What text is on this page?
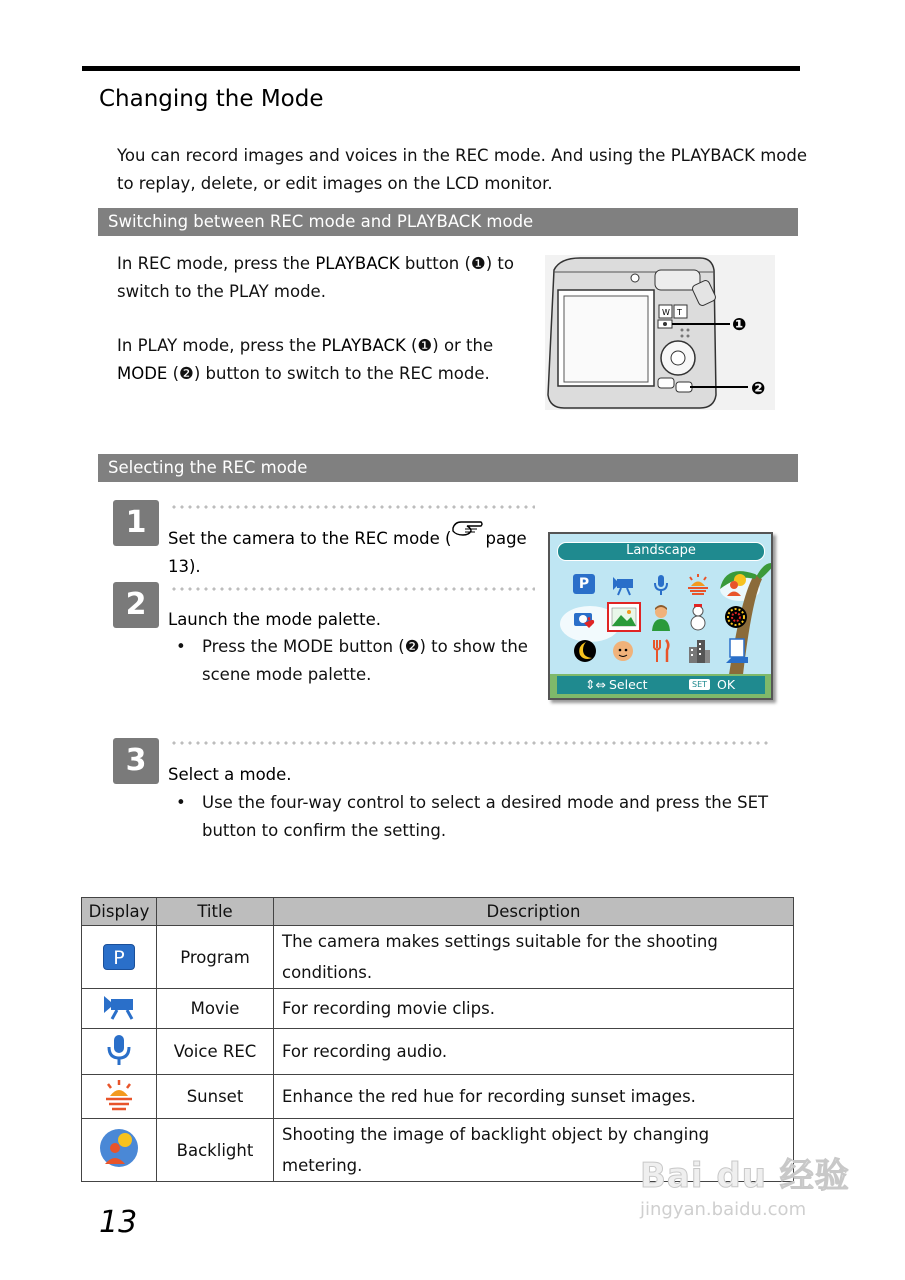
Changing the Mode
You can record images and voices in the REC mode. And using the PLAYBACK mode to replay, delete, or edit images on the LCD monitor.
Switching between REC mode and PLAYBACK mode
In REC mode, press the PLAYBACK button (❶) to switch to the PLAY mode.
In PLAY mode, press the PLAYBACK (❶) or the MODE (❷) button to switch to the REC mode.
W T
❶
❷
Selecting the REC mode
1	Set the camera to the REC mode ( page 13).
2	Launch the mode palette.
• Press the MODE button (❷) to show the scene mode palette.
Landscape
P
⇕⇔ Select	SET OK
3	Select a mode.
• Use the four-way control to select a desired mode and press the SET button to confirm the setting.
Display	Title	Description
P	Program	The camera makes settings suitable for the shooting conditions.
	Movie	For recording movie clips.
	Voice REC	For recording audio.
	Sunset	Enhance the red hue for recording sunset images.
	Backlight	Shooting the image of backlight object by changing metering.
13
Bai du 经验
jingyan.baidu.com
